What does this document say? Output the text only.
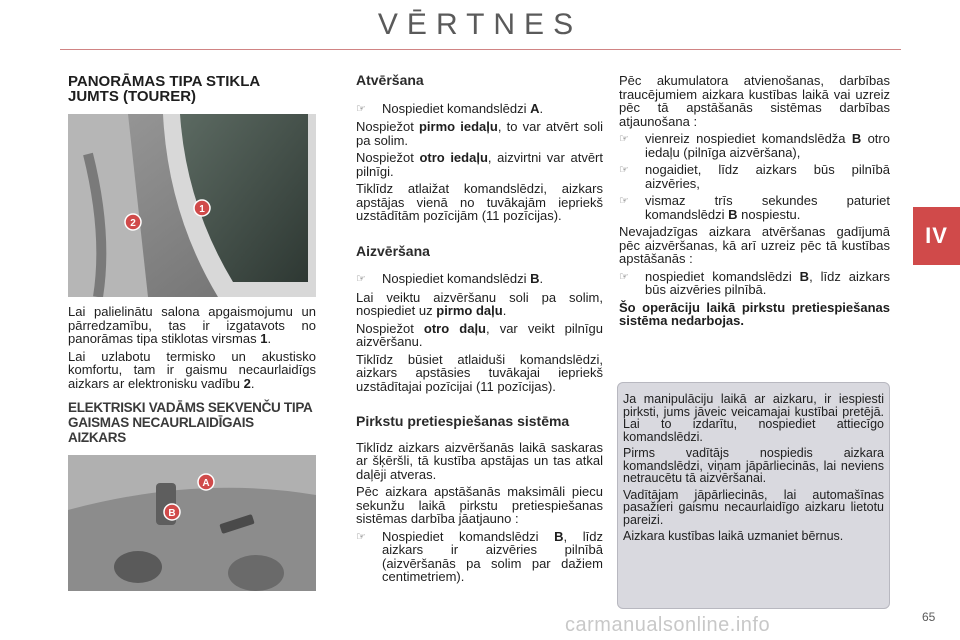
VĒRTNES
IV
PANORĀMAS TIPA STIKLA JUMTS (TOURER)
1
2

Lai palielinātu salona apgaismojumu un pārredzamību, tas ir izgatavots no panorāmas tipa stiklotas virsmas 1.

Lai uzlabotu termisko un akustisko komfortu, tam ir gaismu necaurlaidīgs aizkars ar elektronisku vadību 2.

ELEKTRISKI VADĀMS SEKVENČU TIPA GAISMAS NECAURLAIDĪGAIS AIZKARS
A
B
Atvēršana
☞	Nospiediet komandslēdzi A.

Nospiežot pirmo iedaļu, to var atvērt soli pa solim.

Nospiežot otro iedaļu, aizvirtni var atvērt pilnīgi.

Tiklīdz atlaižat komandslēdzi, aizkars apstājas vienā no tuvākajām iepriekš uzstādītām pozīcijām (11 pozīcijas).

Aizvēršana
☞	Nospiediet komandslēdzi B.

Lai veiktu aizvēršanu soli pa solim, nospiediet uz pirmo daļu.

Nospiežot otro daļu, var veikt pilnīgu aizvēršanu.

Tiklīdz būsiet atlaiduši komandslēdzi, aizkars apstāsies tuvākajai iepriekš uzstādītajai pozīcijai (11 pozīcijas).

Pirkstu pretiespiešanas sistēma

Tiklīdz aizkars aizvēršanās laikā saskaras ar šķēršli, tā kustība apstājas un tas atkal daļēji atveras.

Pēc aizkara apstāšanās maksimāli piecu sekunžu laikā pirkstu pretiespiešanas sistēmas darbība jāatjauno :

☞	Nospiediet komandslēdzi B, līdz aizkars ir aizvēries pilnībā (aizvēršanās pa solim par dažiem centimetriem).

Pēc akumulatora atvienošanas, darbības traucējumiem aizkara kustības laikā vai uzreiz pēc tā apstāšanās sistēmas darbības atjaunošana :

☞	vienreiz nospiediet komandslēdža B otro iedaļu (pilnīga aizvēršana),
☞	nogaidiet, līdz aizkars būs pilnībā aizvēries,
☞	vismaz trīs sekundes paturiet komandslēdzi B nospiestu.

Nevajadzīgas aizkara atvēršanas gadījumā pēc aizvēršanas, kā arī uzreiz pēc tā kustības apstāšanās :

☞	nospiediet komandslēdzi B, līdz aizkars būs aizvēries pilnībā.

Šo operāciju laikā pirkstu pretiespiešanas sistēma nedarbojas.

Ja manipulāciju laikā ar aizkaru, ir iespiesti pirksti, jums jāveic veicamajai kustībai pretējā. Lai to izdarītu, nospiediet attiecīgo komandslēdzi.

Pirms vadītājs nospiedis aizkara komandslēdzi, viņam jāpārliecinās, lai neviens netraucētu tā aizvēršanai.

Vadītājam jāpārliecinās, lai automašīnas pasažieri gaismu necaurlaidīgo aizkaru lietotu pareizi.

Aizkara kustības laikā uzmaniet bērnus.

carmanualsonline.info	65
